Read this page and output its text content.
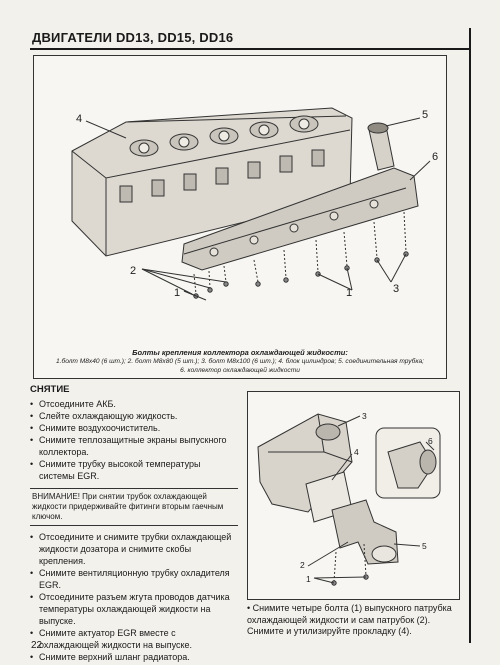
ДВИГАТЕЛИ DD13, DD15, DD16
4	5
6
2
1	1	3
Болты крепления коллектора охлаждающей жидкости:
1.болт М8х40 (6 шт.); 2. болт М8х80 (5 шт.); 3. болт М8х100 (6 шт.); 4. блок цилиндров; 5. соединительная трубка;
6. коллектор охлаждающей жидкости
СНЯТИЕ
• Отсоедините АКБ.
• Слейте охлаждающую жидкость.
• Снимите воздухоочиститель.
• Снимите теплозащитные экраны выпускного коллектора.
• Снимите трубку высокой температуры системы EGR.
ВНИМАНИЕ! При снятии трубок охлаждающей жидкости придерживайте фитинги вторым гаечным ключом.
• Отсоедините и снимите трубки охлаждающей жидкости дозатора и снимите скобы крепления.
• Снимите вентиляционную трубку охладителя EGR.
• Отсоедините разъем жгута проводов датчика температуры охлаждающей жидкости на выпуске.
• Снимите актуатор EGR вместе с охлаждающей жидкости на выпуске.
• Снимите верхний шланг радиатора.
3
4
6
2
1
5
• Снимите четыре болта (1) выпускного патрубка охлаждающей жидкости и сам патрубок (2). Снимите и утилизируйте прокладку (4).
22
